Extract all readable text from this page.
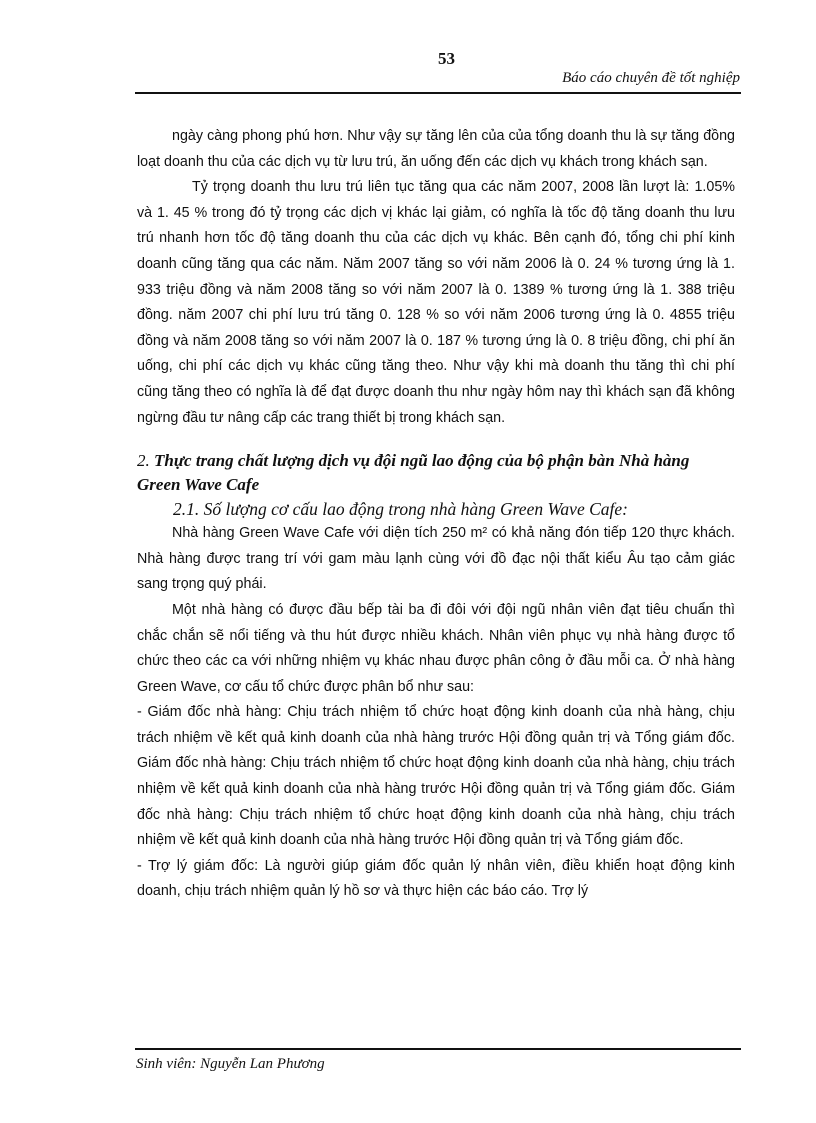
53
Báo cáo chuyên đề tốt nghiệp

ngày càng phong phú hơn. Như vậy sự tăng lên của của tổng doanh thu là sự tăng đồng loạt doanh thu của các dịch vụ từ lưu trú, ăn uống đến các dịch vụ khách trong khách sạn.

Tỷ trọng doanh thu lưu trú liên tục tăng qua các năm 2007, 2008 lần lượt là: 1.05% và 1. 45 % trong đó tỷ trọng các dịch vị khác lại giảm, có nghĩa là tốc độ tăng doanh thu lưu trú nhanh hơn tốc độ tăng doanh thu của các dịch vụ khác. Bên cạnh đó, tổng chi phí kinh doanh cũng tăng qua các năm. Năm 2007 tăng so với năm 2006 là 0. 24 % tương ứng là 1. 933 triệu đồng và năm 2008 tăng so với năm 2007 là 0. 1389 % tương ứng là 1. 388 triệu đồng. năm 2007 chi phí lưu trú tăng 0. 128 % so với năm 2006 tương ứng là 0. 4855 triệu đồng và năm 2008 tăng so với năm 2007 là 0. 187 % tương ứng là 0. 8 triệu đồng, chi phí ăn uống, chi phí các dịch vụ khác cũng tăng theo. Như vậy khi mà doanh thu tăng thì chi phí cũng tăng theo có nghĩa là để đạt được doanh thu như ngày hôm nay thì khách sạn đã không ngừng đầu tư nâng cấp các trang thiết bị trong khách sạn.

2. Thực trang chất lượng dịch vụ đội ngũ lao động của bộ phận bàn Nhà hàng Green Wave Cafe
2.1. Số lượng cơ cấu lao động trong nhà hàng Green Wave Cafe:

Nhà hàng Green Wave Cafe với diện tích 250 m² có khả năng đón tiếp 120 thực khách. Nhà hàng được trang trí với gam màu lạnh cùng với đồ đạc nội thất kiểu Âu tạo cảm giác sang trọng quý phái.

Một nhà hàng có được đầu bếp tài ba đi đôi với đội ngũ nhân viên đạt tiêu chuẩn thì chắc chắn sẽ nổi tiếng và thu hút được nhiều khách. Nhân viên phục vụ nhà hàng được tổ chức theo các ca với những nhiệm vụ khác nhau được phân công ở đầu mỗi ca. Ở nhà hàng Green Wave, cơ cấu tổ chức được phân bổ như sau:

- Giám đốc nhà hàng: Chịu trách nhiệm tổ chức hoạt động kinh doanh của nhà hàng, chịu trách nhiệm về kết quả kinh doanh của nhà hàng trước Hội đồng quản trị và Tổng giám đốc. Giám đốc nhà hàng: Chịu trách nhiệm tổ chức hoạt động kinh doanh của nhà hàng, chịu trách nhiệm về kết quả kinh doanh của nhà hàng trước Hội đồng quản trị và Tổng giám đốc. Giám đốc nhà hàng: Chịu trách nhiệm tổ chức hoạt động kinh doanh của nhà hàng, chịu trách nhiệm về kết quả kinh doanh của nhà hàng trước Hội đồng quản trị và Tổng giám đốc.

- Trợ lý giám đốc: Là người giúp giám đốc quản lý nhân viên, điều khiển hoạt động kinh doanh, chịu trách nhiệm quản lý hồ sơ và thực hiện các báo cáo. Trợ lý

Sinh viên: Nguyễn Lan Phương
